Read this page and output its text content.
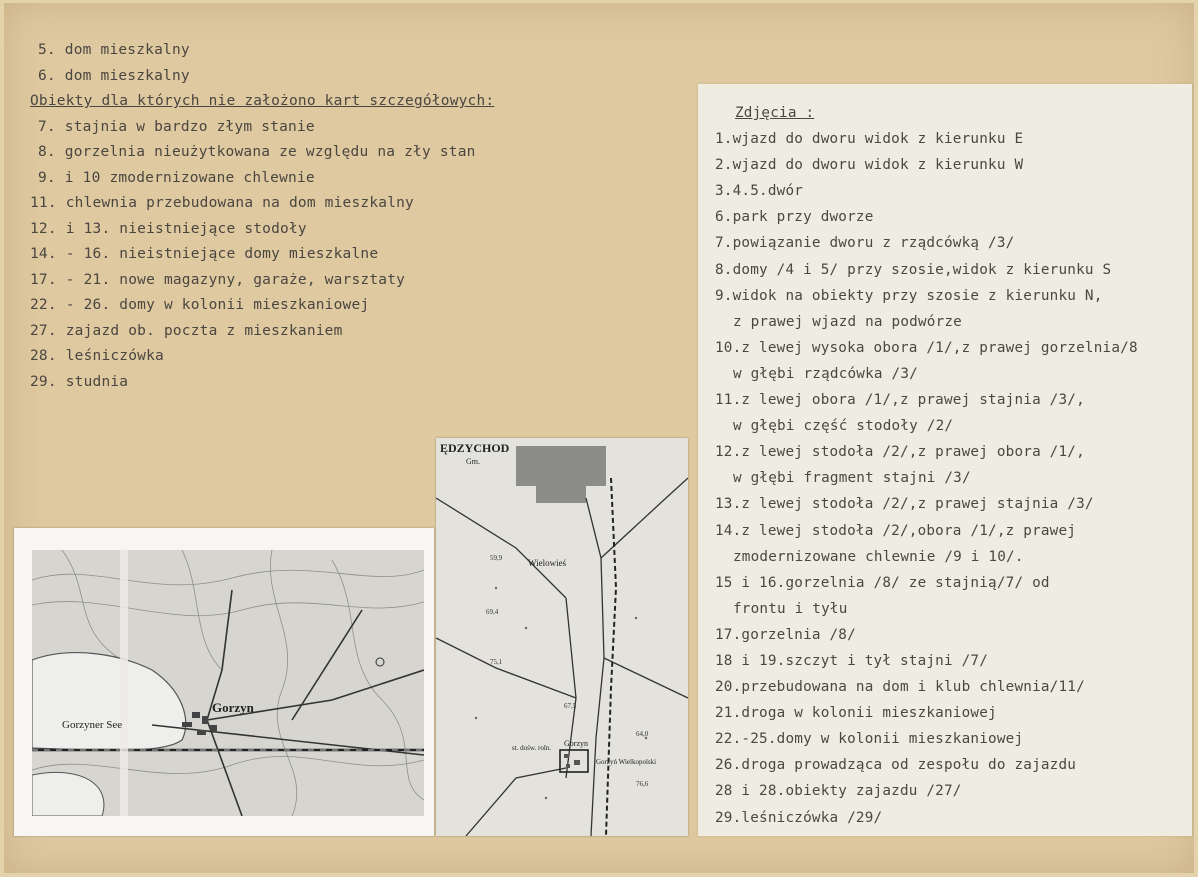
5. dom mieszkalny
6. dom mieszkalny
Obiekty dla których nie założono kart szczegółowych:
7. stajnia w bardzo złym stanie
8. gorzelnia nieużytkowana ze względu na zły stan
9. i 10 zmodernizowane chlewnie
11. chlewnia przebudowana na dom mieszkalny
12. i 13. nieistniejące stodoły
14. - 16. nieistniejące domy mieszkalne
17. - 21. nowe magazyny, garaże, warsztaty
22. - 26. domy w kolonii mieszkaniowej
27. zajazd ob. poczta z mieszkaniem
28. leśniczówka
29. studnia
Gorzyn
Gorzyner See
ĘDZYCHOD
Gm.
Wielowieś
Gorzyn
Gorzyń Wielkopolski
st. dośw. roln.
59,9
69,4
75,1
67,5
64,0
76,6
Zdjęcia :
1.wjazd do dworu widok z kierunku E
2.wjazd do dworu widok z kierunku W
3.4.5.dwór
6.park przy dworze
7.powiązanie dworu z rządcówką /3/
8.domy /4 i 5/ przy szosie,widok z kierunku S
9.widok na obiekty przy szosie z kierunku N,
z prawej wjazd na podwórze
10.z lewej wysoka obora /1/,z prawej gorzelnia/8
w głębi rządcówka /3/
11.z lewej obora /1/,z prawej stajnia /3/,
w głębi część stodoły /2/
12.z lewej stodoła /2/,z prawej obora /1/,
w głębi fragment stajni /3/
13.z lewej stodoła /2/,z prawej stajnia /3/
14.z lewej stodoła /2/,obora /1/,z prawej
zmodernizowane chlewnie /9 i 10/.
15 i 16.gorzelnia /8/ ze stajnią/7/ od
frontu i tyłu
17.gorzelnia /8/
18 i 19.szczyt i tył stajni /7/
20.przebudowana na dom i klub chlewnia/11/
21.droga w kolonii mieszkaniowej
22.-25.domy w kolonii mieszkaniowej
26.droga prowadząca od zespołu do zajazdu
28 i 28.obiekty zajazdu /27/
29.leśniczówka /29/
